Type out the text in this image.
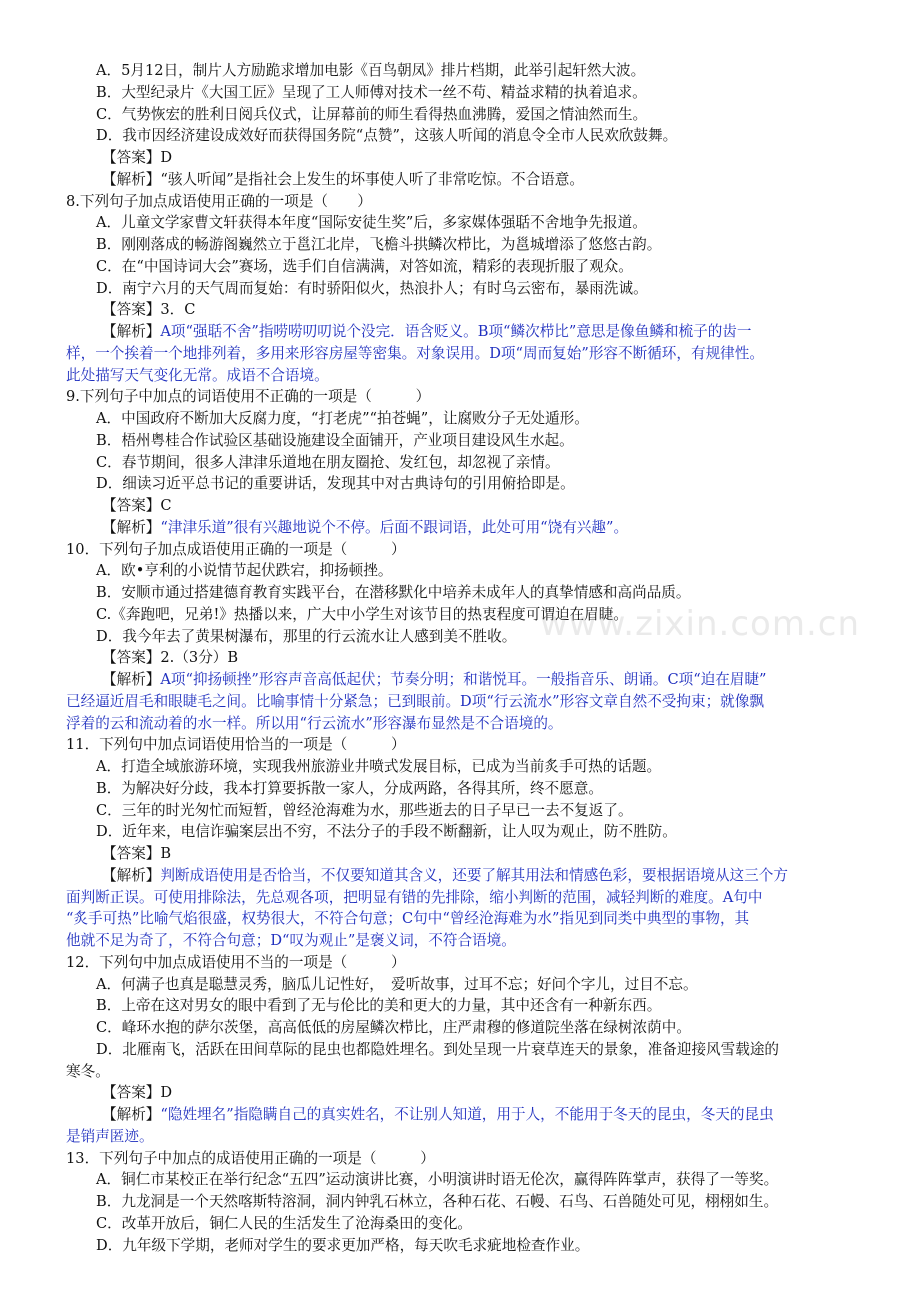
A．5月12日，制片人方励跪求增加电影《百鸟朝凤》排片档期，此举引起轩然大波。
B．大型纪录片《大国工匠》呈现了工人师傅对技术一丝不苟、精益求精的执着追求。
C．气势恢宏的胜利日阅兵仪式，让屏幕前的师生看得热血沸腾，爱国之情油然而生。
D．我市因经济建设成效好而获得国务院“点赞”，这骇人听闻的消息令全市人民欢欣鼓舞。
【答案】D
【解析】“骇人听闻”是指社会上发生的坏事使人听了非常吃惊。不合语意。
8.下列句子加点成语使用正确的一项是（　　）
A．儿童文学家曹文轩获得本年度“国际安徒生奖”后，多家媒体强聒不舍地争先报道。
B．刚刚落成的畅游阁巍然立于邕江北岸，飞檐斗拱鳞次栉比，为邕城增添了悠悠古韵。
C．在“中国诗词大会”赛场，选手们自信满满，对答如流，精彩的表现折服了观众。
D．南宁六月的天气周而复始：有时骄阳似火，热浪扑人；有时乌云密布，暴雨洗诚。
【答案】3．C
【解析】A项“强聒不舍”指唠唠叨叨说个没完．语含贬义。B项“鳞次栉比”意思是像鱼鳞和梳子的齿一
样，一个挨着一个地排列着，多用来形容房屋等密集。对象误用。D项“周而复始”形容不断循环，有规律性。
此处描写天气变化无常。成语不合语境。
9.下列句子中加点的词语使用不正确的一项是（　　　）
A．中国政府不断加大反腐力度，“打老虎”“拍苍蝇”，让腐败分子无处遁形。
B．梧州粤桂合作试验区基础设施建设全面铺开，产业项目建设风生水起。
C．春节期间，很多人津津乐道地在朋友圈抢、发红包，却忽视了亲情。
D．细读习近平总书记的重要讲话，发现其中对古典诗句的引用俯拾即是。
【答案】C
【解析】“津津乐道”很有兴趣地说个不停。后面不跟词语，此处可用“饶有兴趣”。
10．下列句子加点成语使用正确的一项是（　　　）
A．欧•亨利的小说情节起伏跌宕，抑扬顿挫。
B．安顺市通过搭建德育教育实践平台，在潜移默化中培养未成年人的真挚情感和高尚品质。
C.《奔跑吧，兄弟!》热播以来，广大中小学生对该节目的热衷程度可谓迫在眉睫。
D．我今年去了黄果树瀑布，那里的行云流水让人感到美不胜收。
【答案】2.（3分）B
【解析】A项“抑扬顿挫”形容声音高低起伏；节奏分明；和谐悦耳。一般指音乐、朗诵。C项“迫在眉睫”
已经逼近眉毛和眼睫毛之间。比喻事情十分紧急；已到眼前。D项“行云流水”形容文章自然不受拘束；就像飘
浮着的云和流动着的水一样。所以用“行云流水”形容瀑布显然是不合语境的。
11．下列句中加点词语使用恰当的一项是（　　　）
A．打造全域旅游环境，实现我州旅游业井喷式发展目标，已成为当前炙手可热的话题。
B．为解决好分歧，我本打算要拆散一家人，分成两路，各得其所，终不愿意。
C．三年的时光匆忙而短暂，曾经沧海难为水，那些逝去的日子早已一去不复返了。
D．近年来，电信诈骗案层出不穷，不法分子的手段不断翻新，让人叹为观止，防不胜防。
【答案】B
【解析】判断成语使用是否恰当，不仅要知道其含义，还要了解其用法和情感色彩，要根据语境从这三个方
面判断正误。可使用排除法，先总观各项，把明显有错的先排除，缩小判断的范围，减轻判断的难度。A句中
“炙手可热”比喻气焰很盛，权势很大，不符合句意；C句中“曾经沧海难为水”指见到同类中典型的事物，其
他就不足为奇了，不符合句意；D“叹为观止”是褒义词，不符合语境。
12．下列句中加点成语使用不当的一项是（　　　）
A．何满子也真是聪慧灵秀，脑瓜儿记性好，　爱听故事，过耳不忘；好问个字儿，过目不忘。
B．上帝在这对男女的眼中看到了无与伦比的美和更大的力量，其中还含有一种新东西。
C．峰环水抱的萨尔茨堡，高高低低的房屋鳞次栉比，庄严肃穆的修道院坐落在绿树浓荫中。
D．北雁南飞，活跃在田间草际的昆虫也都隐姓埋名。到处呈现一片衰草连天的景象，准备迎接风雪载途的
寒冬。
【答案】D
【解析】“隐姓埋名”指隐瞒自己的真实姓名，不让别人知道，用于人，不能用于冬天的昆虫，冬天的昆虫
是销声匿迹。
13．下列句子中加点的成语使用正确的一项是（　　　）
A．铜仁市某校正在举行纪念“五四”运动演讲比赛，小明演讲时语无伦次，赢得阵阵掌声，获得了一等奖。
B．九龙洞是一个天然喀斯特溶洞，洞内钟乳石林立，各种石花、石幔、石鸟、石兽随处可见，栩栩如生。
C．改革开放后，铜仁人民的生活发生了沧海桑田的变化。
D．九年级下学期，老师对学生的要求更加严格，每天吹毛求疵地检查作业。
www.zixin.com.cn
